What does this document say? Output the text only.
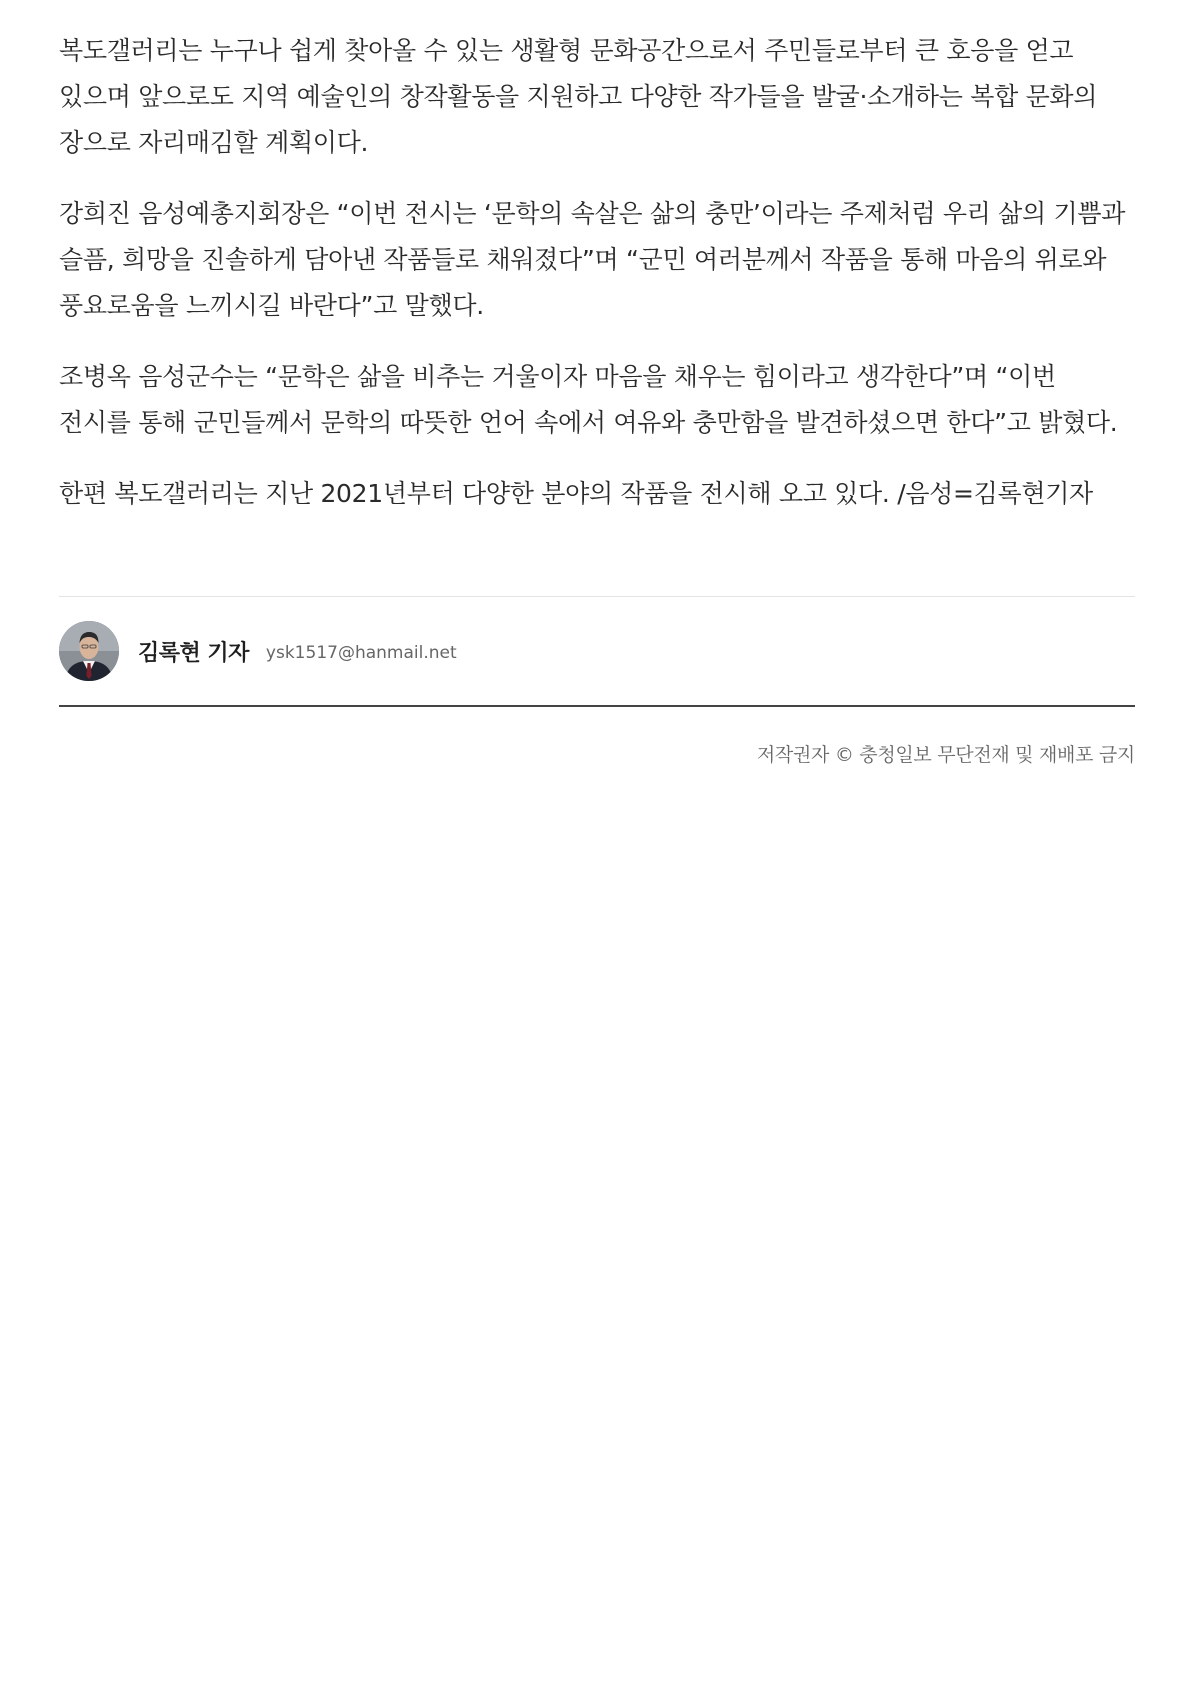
복도갤러리는 누구나 쉽게 찾아올 수 있는 생활형 문화공간으로서 주민들로부터 큰 호응을 얻고 있으며 앞으로도 지역 예술인의 창작활동을 지원하고 다양한 작가들을 발굴·소개하는 복합 문화의 장으로 자리매김할 계획이다.

강희진 음성예총지회장은 “이번 전시는 ‘문학의 속살은 삶의 충만’이라는 주제처럼 우리 삶의 기쁨과 슬픔, 희망을 진솔하게 담아낸 작품들로 채워졌다”며 “군민 여러분께서 작품을 통해 마음의 위로와 풍요로움을 느끼시길 바란다”고 말했다.

조병옥 음성군수는 “문학은 삶을 비추는 거울이자 마음을 채우는 힘이라고 생각한다”며 “이번 전시를 통해 군민들께서 문학의 따뜻한 언어 속에서 여유와 충만함을 발견하셨으면 한다”고 밝혔다.

한편 복도갤러리는 지난 2021년부터 다양한 분야의 작품을 전시해 오고 있다. /음성=김록현기자

김록현 기자 ysk1517@hanmail.net
저작권자 © 충청일보 무단전재 및 재배포 금지
